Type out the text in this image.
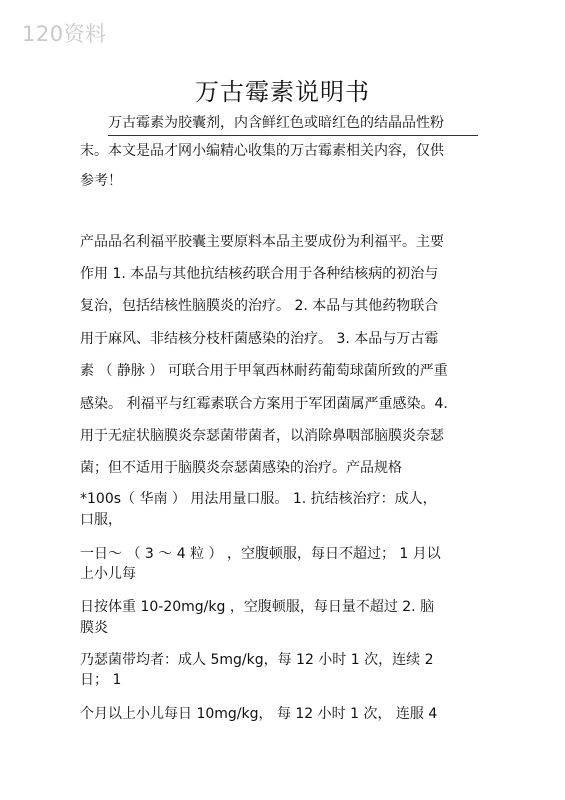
120资料
万古霉素说明书
万古霉素为胶囊剂，内含鲜红色或暗红色的结晶品性粉
末。本文是品才网小编精心收集的万古霉素相关内容，仅供
参考！
产品品名利福平胶囊主要原料本品主要成份为利福平。主要
作用 1. 本品与其他抗结核药联合用于各种结核病的初治与
复治，包括结核性脑膜炎的治疗。 2. 本品与其他药物联合
用于麻风、非结核分枝杆菌感染的治疗。 3. 本品与万古霉
素 （ 静脉 ） 可联合用于甲氧西林耐药葡萄球菌所致的严重
感染。 利福平与红霉素联合方案用于军团菌属严重感染。4.
用于无症状脑膜炎奈瑟菌带菌者，以消除鼻咽部脑膜炎奈瑟
菌；但不适用于脑膜炎奈瑟菌感染的治疗。产品规格
*100s（ 华南 ） 用法用量口服。 1. 抗结核治疗：成人，
口服，
一日～ （ 3 ～ 4 粒 ） ，空腹顿服，每日不超过； 1 月以
上小儿每
日按体重 10-20mg/kg ，空腹顿服，每日量不超过 2. 脑
膜炎
乃瑟菌带均者：成人 5mg/kg，每 12 小时 1 次，连续 2
日； 1
个月以上小儿每日 10mg/kg， 每 12 小时 1 次， 连服 4
